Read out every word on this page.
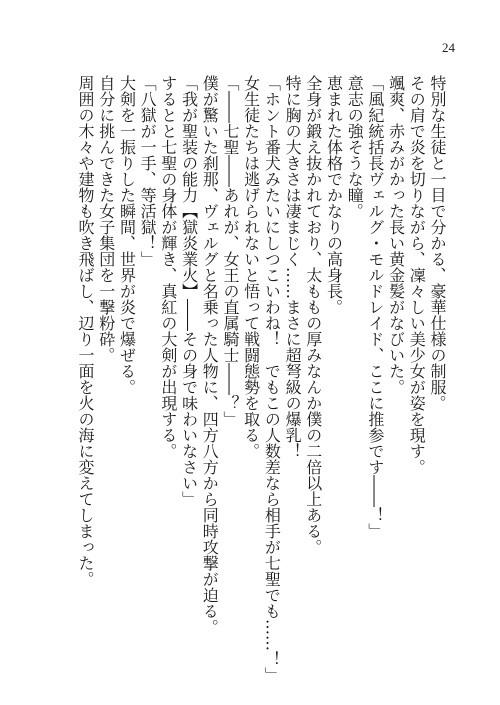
24
特別な生徒と一目で分かる、豪華仕様の制服。
その肩で炎を切りながら、凜々しい美少女が姿を現す。
颯爽、赤みがかった長い黄金髪がなびいた。
「風紀統括長ヴェルグ・モルドレイド、ここに推参です――！」
意志の強そうな瞳。
恵まれた体格でかなりの高身長。
全身が鍛え抜かれており、太ももの厚みなんか僕の二倍以上ある。
特に胸の大きさは凄まじく……まさに超弩級の爆乳！
「ホント番犬みたいにしつこいわね！　でもこの人数差なら相手が七聖でも……！」
女生徒たちは逃げられないと悟って戦闘態勢を取る。
「――七聖――あれが、女王の直属騎士――？」
僕が驚いた刹那、ヴェルグと名乗った人物に、四方八方から同時攻撃が迫る。
「我が聖装の能力【獄炎業火】――その身で味わいなさい」
するとと七聖の身体が輝き、真紅の大剣が出現する。
「八獄が一手、等活獄！」
大剣を一振りした瞬間、世界が炎で爆ぜる。
自分に挑んできた女子集団を一撃粉砕。
周囲の木々や建物も吹き飛ばし、辺り一面を火の海に変えてしまった。
